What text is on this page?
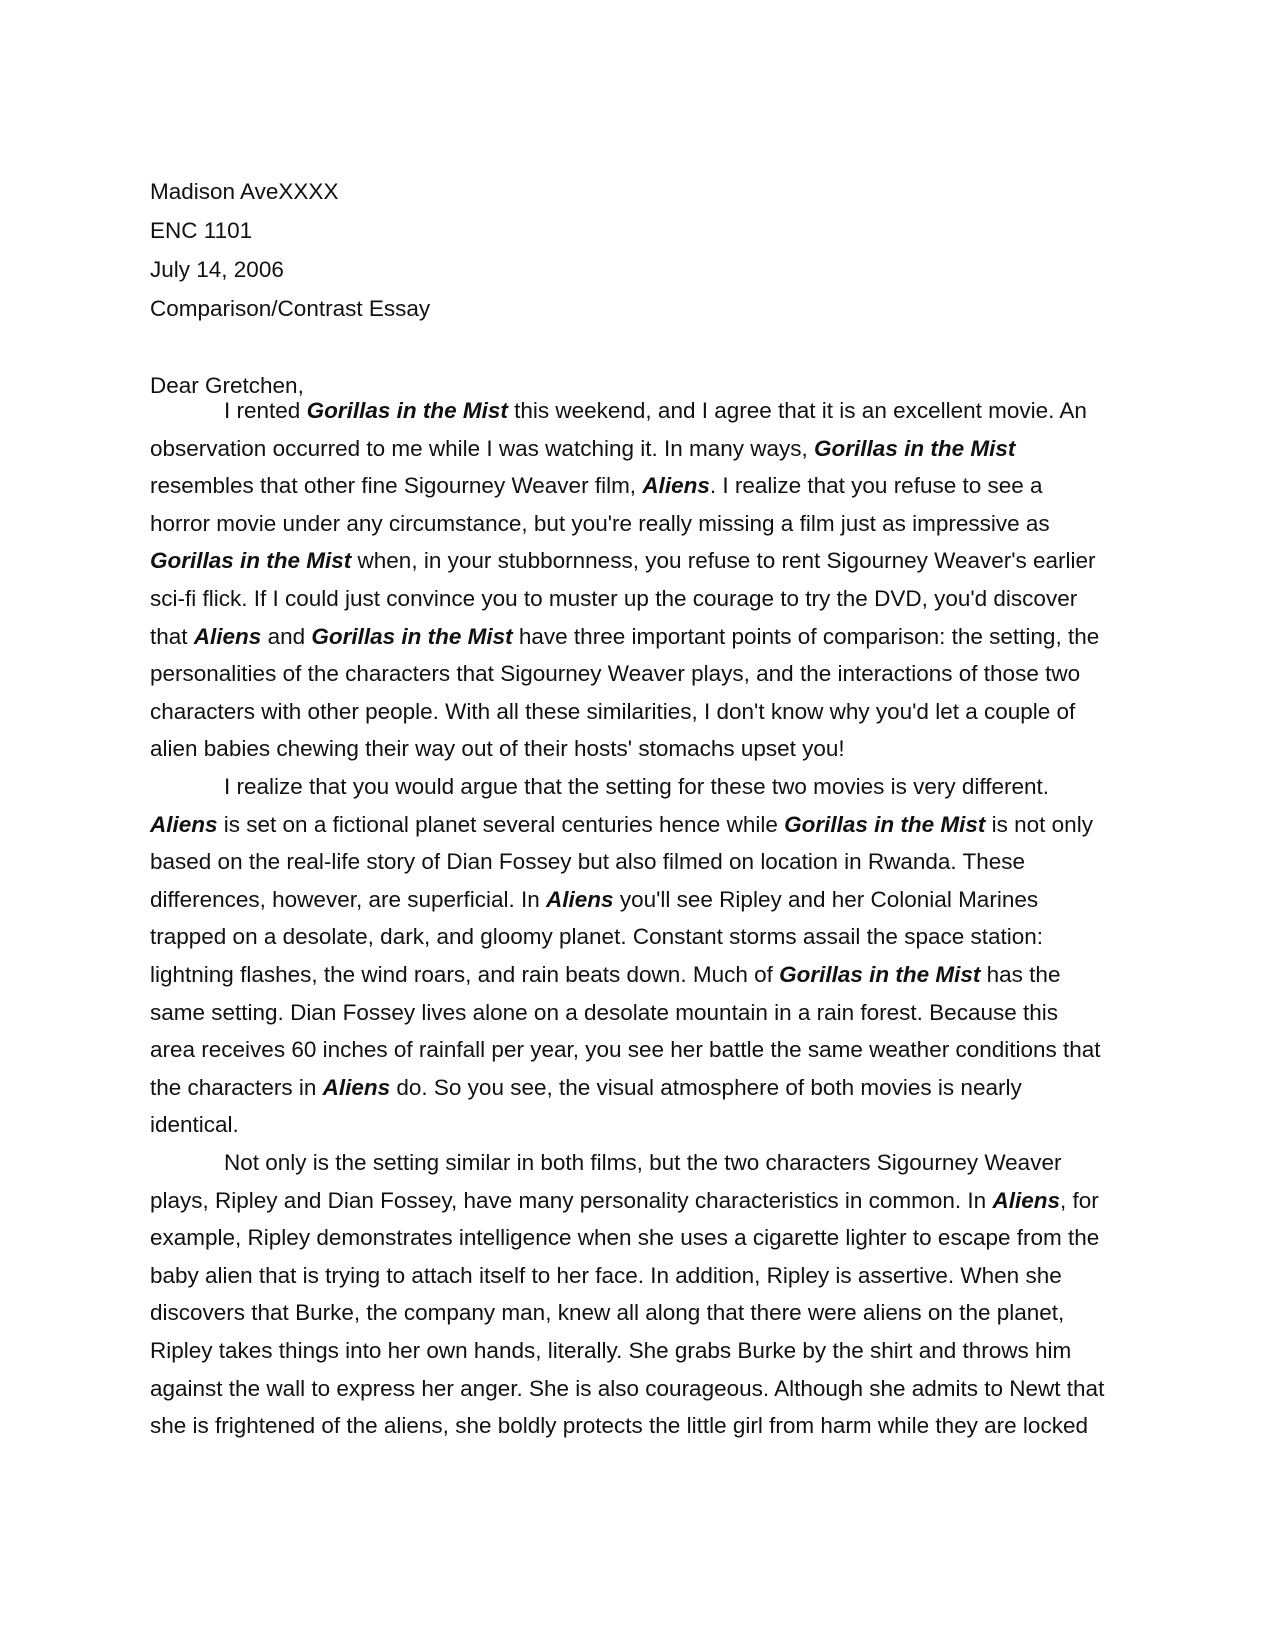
Madison AveXXXX
ENC 1101
July 14, 2006
Comparison/Contrast Essay
Dear Gretchen,
I rented Gorillas in the Mist this weekend, and I agree that it is an excellent movie. An
observation occurred to me while I was watching it. In many ways, Gorillas in the Mist
resembles that other fine Sigourney Weaver film, Aliens. I realize that you refuse to see a
horror movie under any circumstance, but you're really missing a film just as impressive as
Gorillas in the Mist when, in your stubbornness, you refuse to rent Sigourney Weaver's earlier
sci-fi flick. If I could just convince you to muster up the courage to try the DVD, you'd discover
that Aliens and Gorillas in the Mist have three important points of comparison: the setting, the
personalities of the characters that Sigourney Weaver plays, and the interactions of those two
characters with other people. With all these similarities, I don't know why you'd let a couple of
alien babies chewing their way out of their hosts' stomachs upset you!
I realize that you would argue that the setting for these two movies is very different.
Aliens is set on a fictional planet several centuries hence while Gorillas in the Mist is not only
based on the real-life story of Dian Fossey but also filmed on location in Rwanda. These
differences, however, are superficial. In Aliens you'll see Ripley and her Colonial Marines
trapped on a desolate, dark, and gloomy planet. Constant storms assail the space station:
lightning flashes, the wind roars, and rain beats down. Much of Gorillas in the Mist has the
same setting. Dian Fossey lives alone on a desolate mountain in a rain forest. Because this
area receives 60 inches of rainfall per year, you see her battle the same weather conditions that
the characters in Aliens do. So you see, the visual atmosphere of both movies is nearly
identical.
Not only is the setting similar in both films, but the two characters Sigourney Weaver
plays, Ripley and Dian Fossey, have many personality characteristics in common. In Aliens, for
example, Ripley demonstrates intelligence when she uses a cigarette lighter to escape from the
baby alien that is trying to attach itself to her face. In addition, Ripley is assertive. When she
discovers that Burke, the company man, knew all along that there were aliens on the planet,
Ripley takes things into her own hands, literally. She grabs Burke by the shirt and throws him
against the wall to express her anger. She is also courageous. Although she admits to Newt that
she is frightened of the aliens, she boldly protects the little girl from harm while they are locked
